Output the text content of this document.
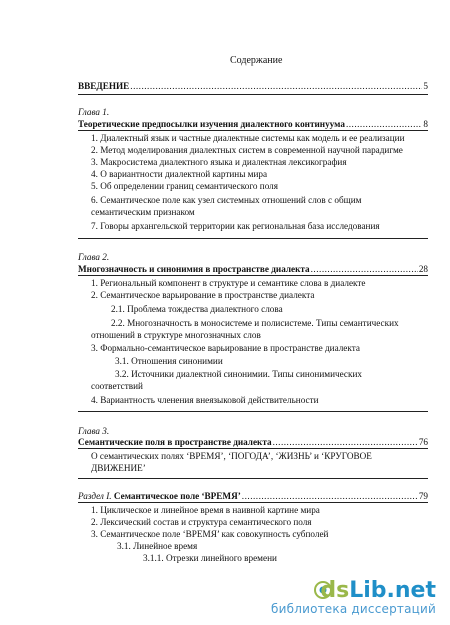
Содержание
ВВЕДЕНИЕ .....	5
Глава 1.
Теоретические предпосылки изучения диалектного континуума .....	8
1. Диалектный язык и частные диалектные системы как модель и ее реализации
2. Метод моделирования диалектных систем в современной научной парадигме
3. Макросистема диалектного языка и диалектная лексикография
4. О вариантности диалектной картины мира
5. Об определении границ семантического поля
6. Семантическое поле как узел системных отношений слов с общим
семантическим признаком
7. Говоры архангельской территории как региональная база исследования
Глава 2.
Многозначность и синонимия в пространстве диалекта .....	28
1. Региональный компонент в структуре и семантике слова в диалекте
2. Семантическое варьирование в пространстве диалекта
2.1. Проблема тождества диалектного слова
2.2. Многозначность в моносистеме и полисистеме. Типы семантических
отношений в структуре многозначных слов
3. Формально-семантическое варьирование в пространстве диалекта
3.1. Отношения синонимии
3.2. Источники диалектной синонимии. Типы синонимических
соответствий
4. Вариантность членения внеязыковой действительности
Глава 3.
Семантические поля в пространстве диалекта .....	76
О семантических полях ‘ВРЕМЯ’, ‘ПОГОДА’, ‘ЖИЗНЬ’ и ‘КРУГОВОЕ
ДВИЖЕНИЕ’
Раздел I. Семантическое поле ‘ВРЕМЯ’ .....	79
1. Циклическое и линейное время в наивной картине мира
2. Лексический состав и структура семантического поля
3. Семантическое поле ‘ВРЕМЯ’ как совокупность субполей
3.1. Линейное время
3.1.1. Отрезки линейного времени
dsLib.net
библиотека диссертаций
